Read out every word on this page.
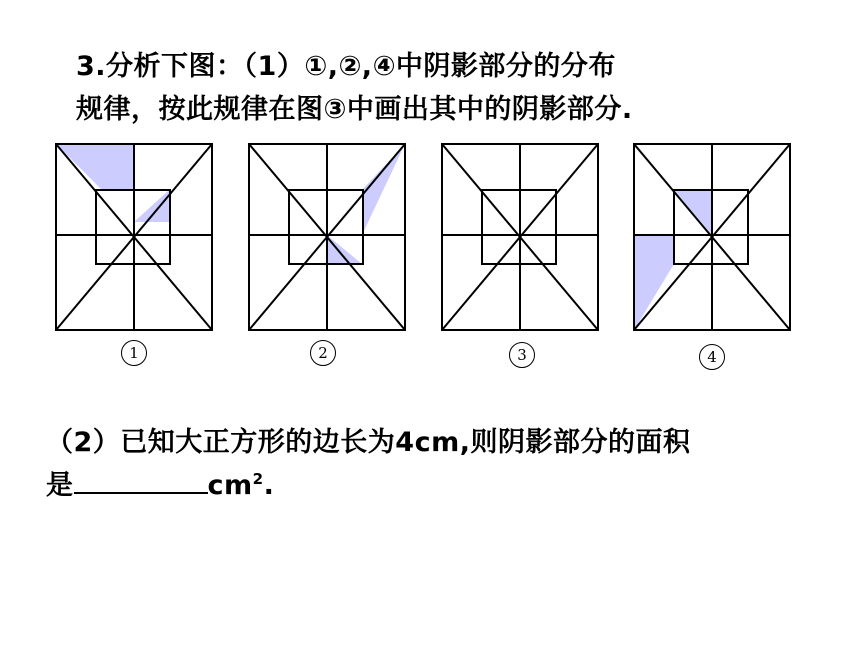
3.分析下图：（1）①,②,④中阴影部分的分布
规律，按此规律在图③中画出其中的阴影部分.
1	2	3	4
（2）已知大正方形的边长为4cm,则阴影部分的面积
是	$cm^2$.
